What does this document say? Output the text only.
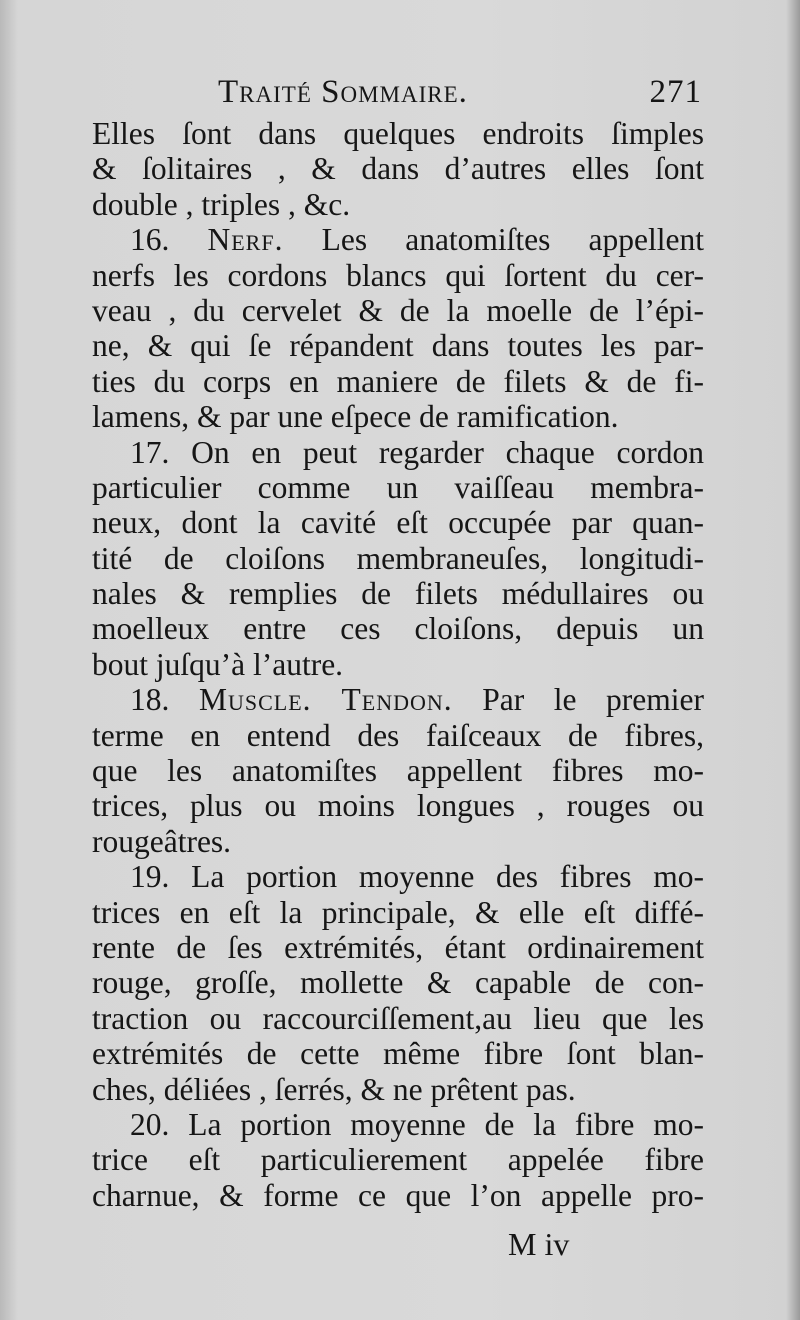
Traité Sommaire.	271
Elles ſont dans quelques endroits ſimples
& ſolitaires , & dans d’autres elles ſont
double , triples , &c.
16. Nerf. Les anatomiſtes appellent
nerfs les cordons blancs qui ſortent du cer-
veau , du cervelet & de la moelle de l’épi-
ne, & qui ſe répandent dans toutes les par-
ties du corps en maniere de filets & de fi-
lamens, & par une eſpece de ramification.
17. On en peut regarder chaque cordon
particulier comme un vaiſſeau membra-
neux, dont la cavité eſt occupée par quan-
tité de cloiſons membraneuſes, longitudi-
nales & remplies de filets médullaires ou
moelleux entre ces cloiſons, depuis un
bout juſqu’à l’autre.
18. Muscle. Tendon. Par le premier
terme en entend des faiſceaux de fibres,
que les anatomiſtes appellent fibres mo-
trices, plus ou moins longues , rouges ou
rougeâtres.
19. La portion moyenne des fibres mo-
trices en eſt la principale, & elle eſt diffé-
rente de ſes extrémités, étant ordinairement
rouge, groſſe, mollette & capable de con-
traction ou raccourciſſement,au lieu que les
extrémités de cette même fibre ſont blan-
ches, déliées , ſerrés, & ne prêtent pas.
20. La portion moyenne de la fibre mo-
trice eſt particulierement appelée fibre
charnue, & forme ce que l’on appelle pro-
M iv
